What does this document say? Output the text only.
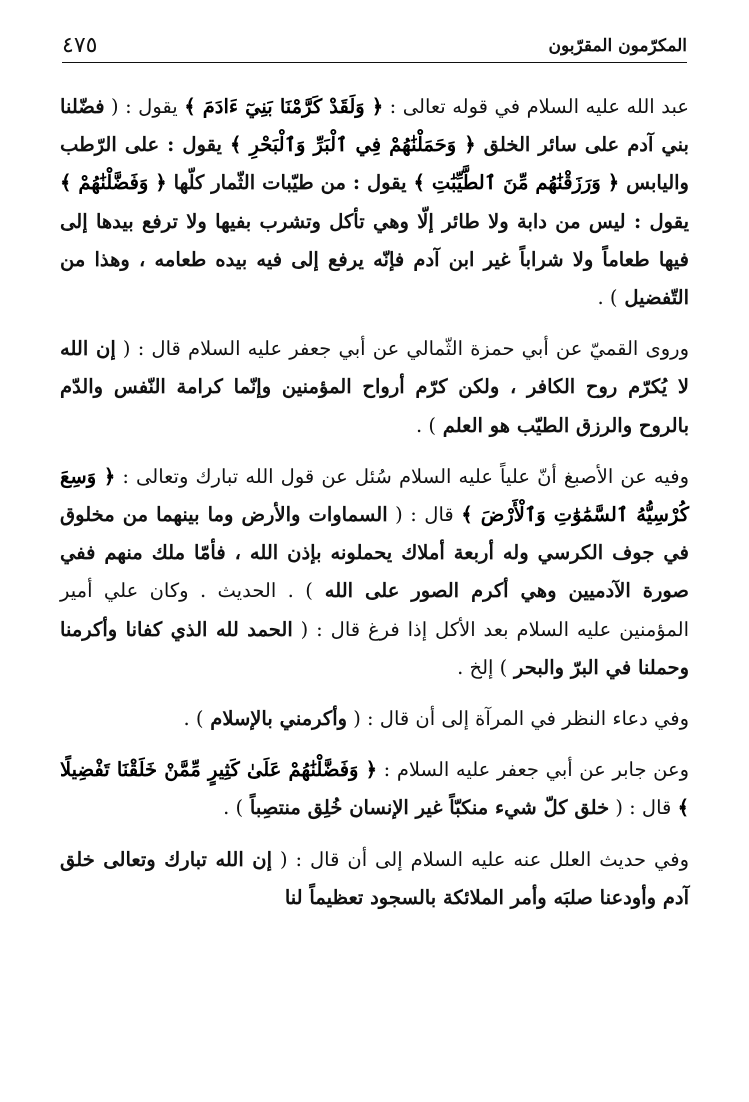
المكرّمون المقرّبون
٤٧٥

عبد الله عليه السلام في قوله تعالى : ﴿ وَلَقَدْ كَرَّمْنَا بَنِيٓ ءَادَمَ ﴾ يقول : ( فضّلنا بني آدم على سائر الخلق ﴿ وَحَمَلْنَٰهُمْ فِي ٱلْبَرِّ وَٱلْبَحْرِ ﴾ يقول : على الرّطب واليابس ﴿ وَرَزَقْنَٰهُم مِّنَ ٱلطَّيِّبَٰتِ ﴾ يقول : من طيّبات الثّمار كلّها ﴿ وَفَضَّلْنَٰهُمْ ﴾ يقول : ليس من دابة ولا طائر إلّا وهي تأكل وتشرب بفيها ولا ترفع بيدها إلى فيها طعاماً ولا شراباً غير ابن آدم فإنّه يرفع إلى فيه بيده طعامه ، وهذا من التّفضيل ) .

وروى القميّ عن أبي حمزة الثّمالي عن أبي جعفر عليه السلام قال : ( إن الله لا يُكرّم روح الكافر ، ولكن كرّم أرواح المؤمنين وإنّما كرامة النّفس والدّم بالروح والرزق الطيّب هو العلم ) .

وفيه عن الأصبغ أنّ علياً عليه السلام سُئل عن قول الله تبارك وتعالى : ﴿ وَسِعَ كُرْسِيُّهُ ٱلسَّمَٰوَٰتِ وَٱلْأَرْضَ ﴾ قال : ( السماوات والأرض وما بينهما من مخلوق في جوف الكرسي وله أربعة أملاك يحملونه بإذن الله ، فأمّا ملك منهم ففي صورة الآدميين وهي أكرم الصور على الله ) . الحديث . وكان علي أمير المؤمنين عليه السلام بعد الأكل إذا فرغ قال : ( الحمد لله الذي كفانا وأكرمنا وحملنا في البرّ والبحر ) إلخ .

وفي دعاء النظر في المرآة إلى أن قال : ( وأكرمني بالإسلام ) .

وعن جابر عن أبي جعفر عليه السلام : ﴿ وَفَضَّلْنَٰهُمْ عَلَىٰ كَثِيرٍ مِّمَّنْ خَلَقْنَا تَفْضِيلًا ﴾ قال : ( خلق كلّ شيء منكبّاً غير الإنسان خُلِق منتصِباً ) .

وفي حديث العلل عنه عليه السلام إلى أن قال : ( إن الله تبارك وتعالى خلق آدم وأودعنا صلبَه وأمر الملائكة بالسجود تعظيماً لنا
